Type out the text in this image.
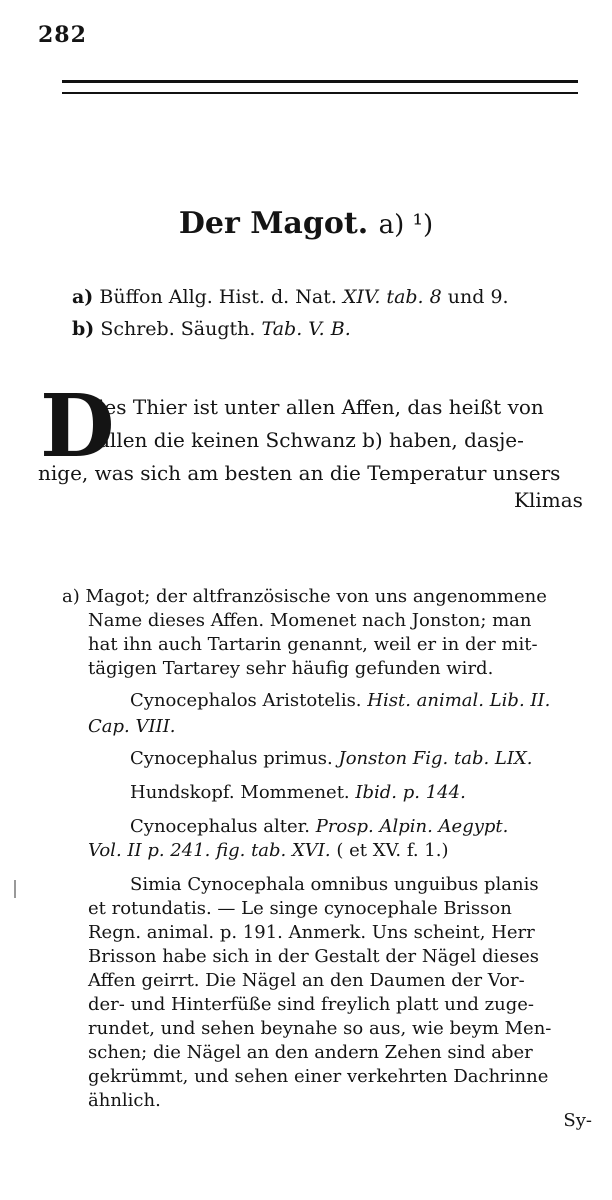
282
Der Magot. a) ¹)
a) Büffon Allg. Hist. d. Nat. XIV. tab. 8 und 9.
b) Schreb. Säugth. Tab. V. B.
D
ies Thier ist unter allen Affen, das heißt von
allen die keinen Schwanz b) haben, dasje-
nige, was sich am besten an die Temperatur unsers
Klimas
a) Magot; der altfranzösische von uns angenommene
Name dieses Affen. Momenet nach Jonston; man
hat ihn auch Tartarin genannt, weil er in der mit-
tägigen Tartarey sehr häufig gefunden wird.
Cynocephalos Aristotelis. Hist. animal. Lib. II.
Cap. VIII.
Cynocephalus primus. Jonston Fig. tab. LIX.
Hundskopf. Mommenet. Ibid. p. 144.
Cynocephalus alter. Prosp. Alpin. Aegypt.
Vol. II p. 241. fig. tab. XVI. ( et XV. f. 1.)
Simia Cynocephala omnibus unguibus planis
et rotundatis. — Le singe cynocephale Brisson
Regn. animal. p. 191. Anmerk. Uns scheint, Herr
Brisson habe sich in der Gestalt der Nägel dieses
Affen geirrt. Die Nägel an den Daumen der Vor-
der- und Hinterfüße sind freylich platt und zuge-
rundet, und sehen beynahe so aus, wie beym Men-
schen; die Nägel an den andern Zehen sind aber
gekrümmt, und sehen einer verkehrten Dachrinne
ähnlich.
Sy-
